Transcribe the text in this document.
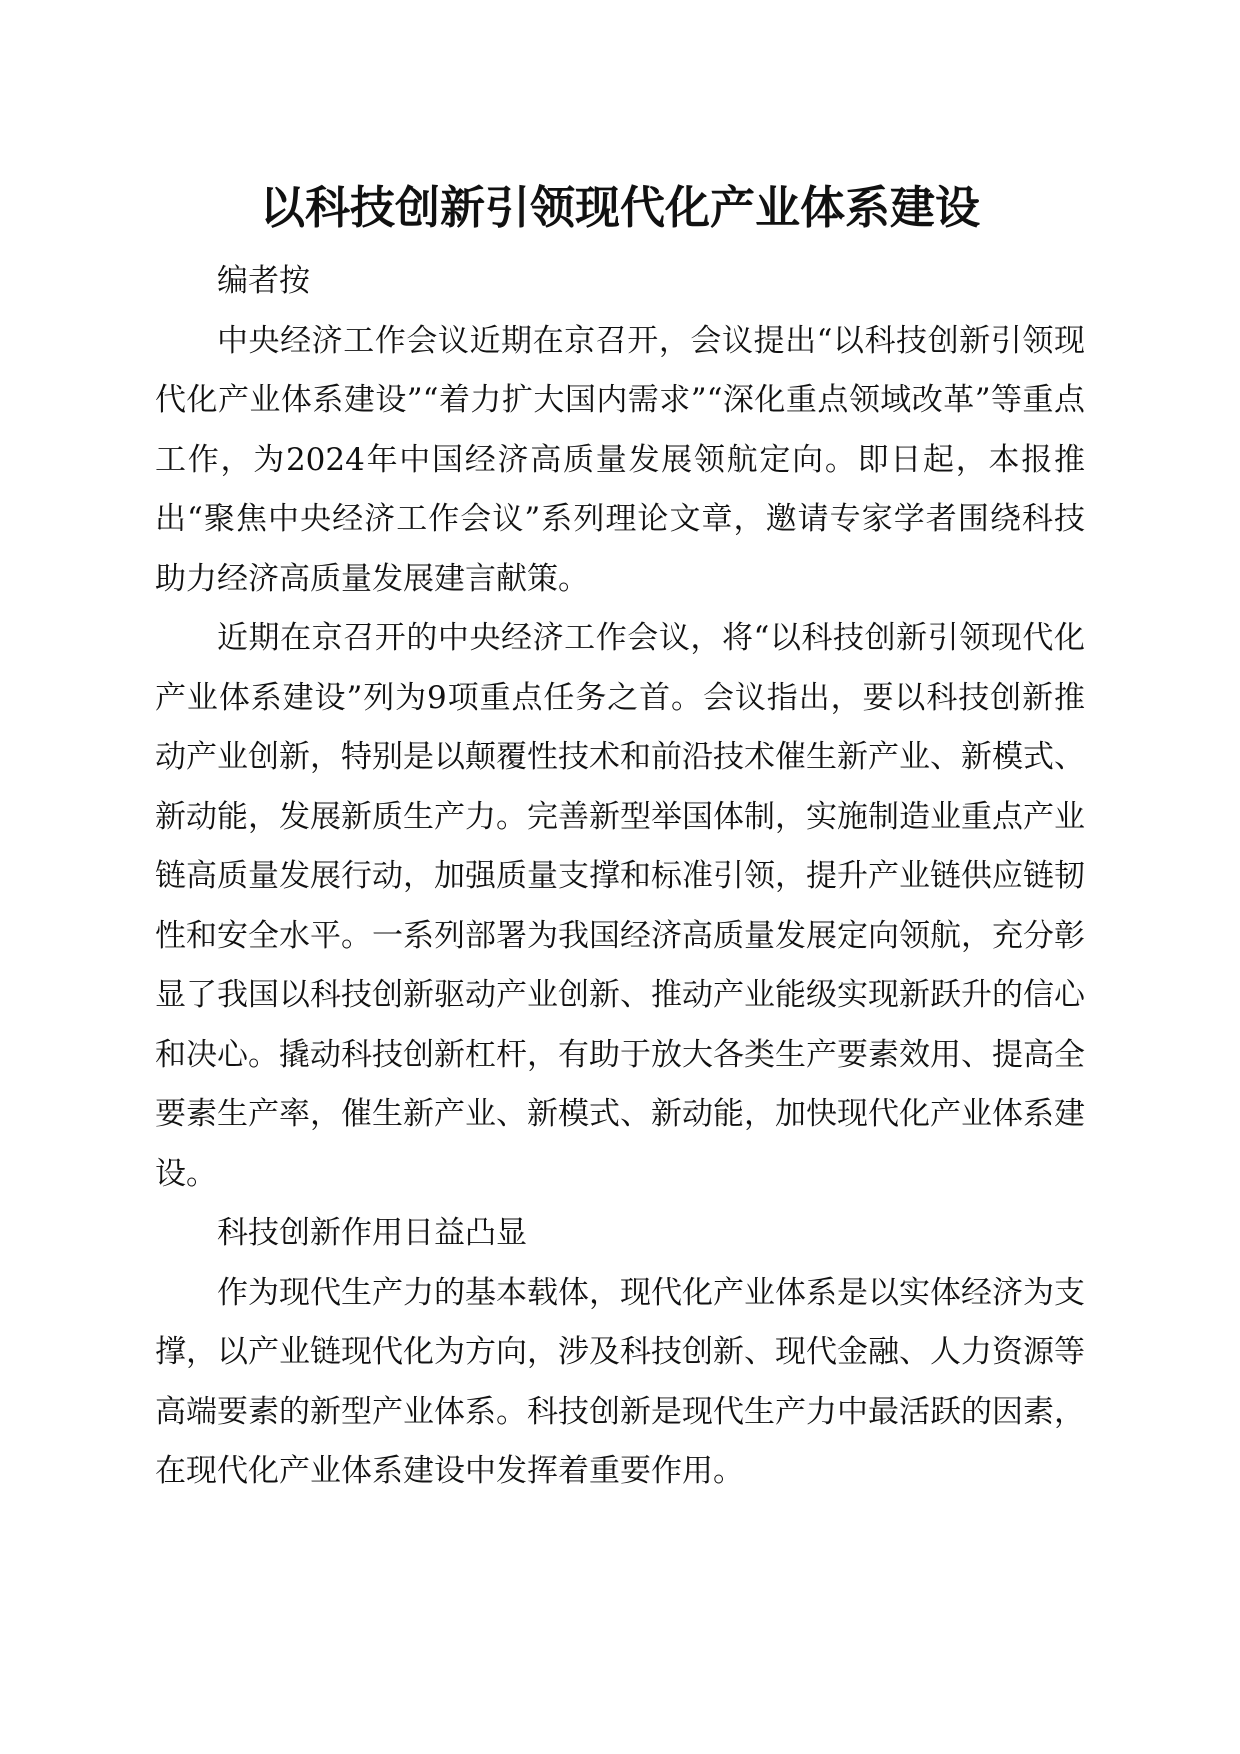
以科技创新引领现代化产业体系建设

编者按

中央经济工作会议近期在京召开，会议提出“以科技创新引领现代化产业体系建设”“着力扩大国内需求”“深化重点领域改革”等重点工作，为2024年中国经济高质量发展领航定向。即日起，本报推出“聚焦中央经济工作会议”系列理论文章，邀请专家学者围绕科技助力经济高质量发展建言献策。

近期在京召开的中央经济工作会议，将“以科技创新引领现代化产业体系建设”列为9项重点任务之首。会议指出，要以科技创新推动产业创新，特别是以颠覆性技术和前沿技术催生新产业、新模式、新动能，发展新质生产力。完善新型举国体制，实施制造业重点产业链高质量发展行动，加强质量支撑和标准引领，提升产业链供应链韧性和安全水平。一系列部署为我国经济高质量发展定向领航，充分彰显了我国以科技创新驱动产业创新、推动产业能级实现新跃升的信心和决心。撬动科技创新杠杆，有助于放大各类生产要素效用、提高全要素生产率，催生新产业、新模式、新动能，加快现代化产业体系建设。

科技创新作用日益凸显

作为现代生产力的基本载体，现代化产业体系是以实体经济为支撑，以产业链现代化为方向，涉及科技创新、现代金融、人力资源等高端要素的新型产业体系。科技创新是现代生产力中最活跃的因素，在现代化产业体系建设中发挥着重要作用。
